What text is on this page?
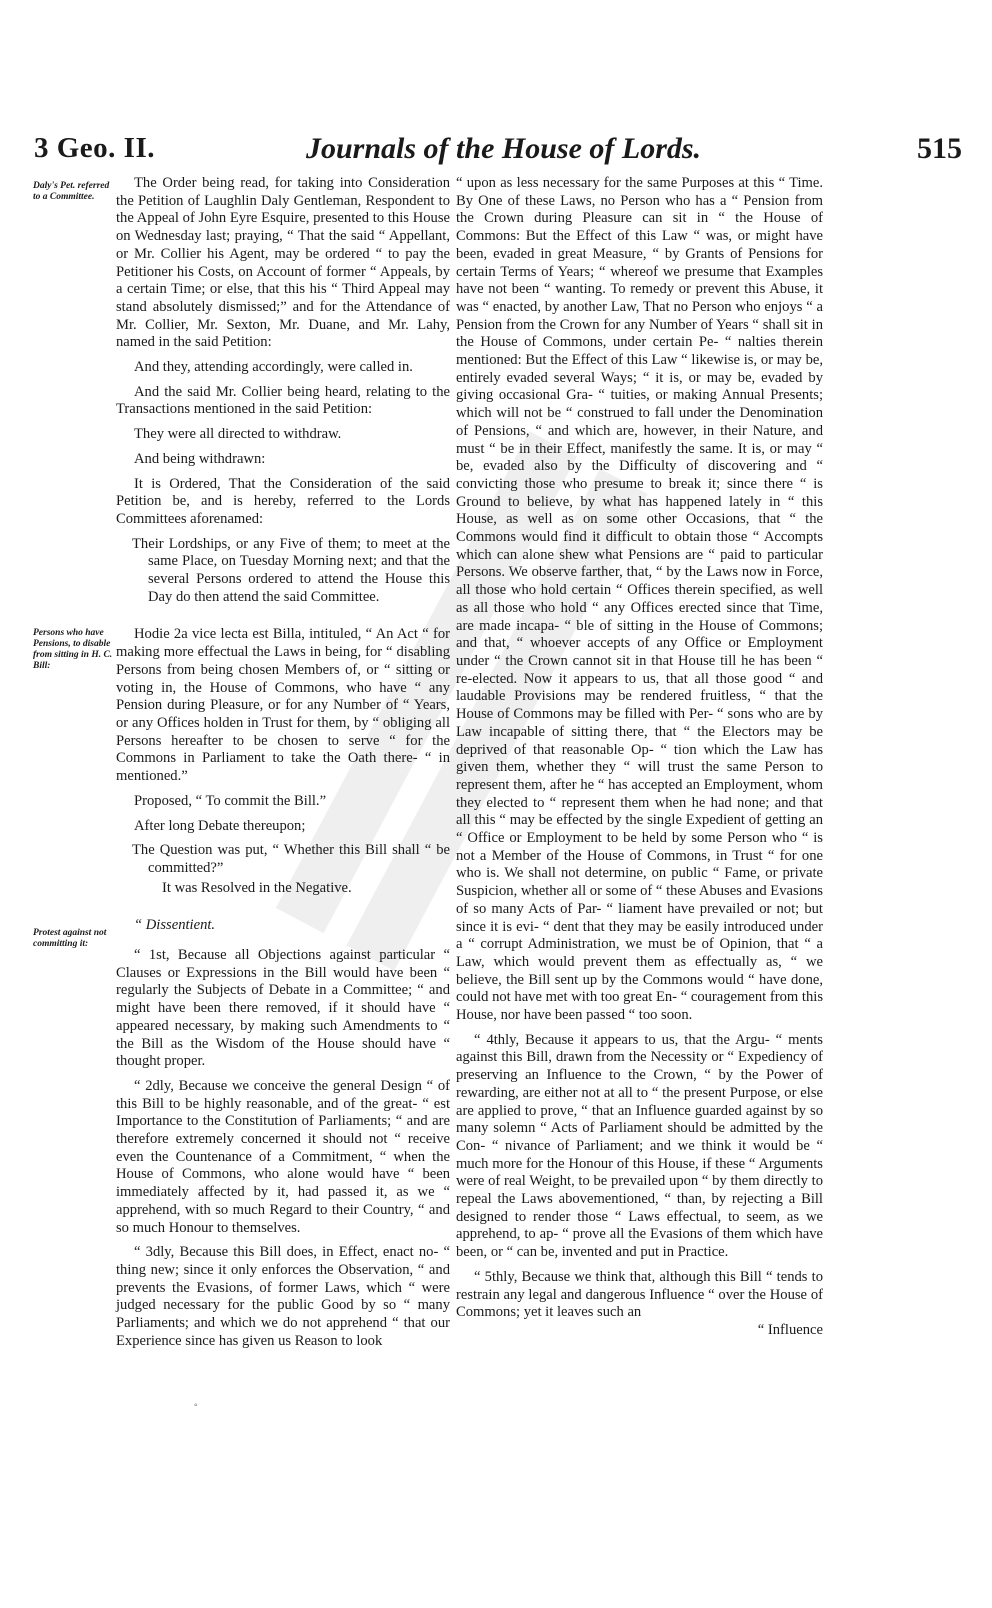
3 Geo. II.	Journals of the House of Lords.	515
Daly's Pet. referred to a Committee.
Persons who have Pensions, to disable from sitting in H. C. Bill:
Protest against not committing it:

The Order being read, for taking into Consideration the Petition of Laughlin Daly Gentleman, Respondent to the Appeal of John Eyre Esquire, presented to this House on Wednesday last; praying, “ That the said “ Appellant, or Mr. Collier his Agent, may be ordered “ to pay the Petitioner his Costs, on Account of former “ Appeals, by a certain Time; or else, that this his “ Third Appeal may stand absolutely dismissed;” and for the Attendance of Mr. Collier, Mr. Sexton, Mr. Duane, and Mr. Lahy, named in the said Petition:

And they, attending accordingly, were called in.

And the said Mr. Collier being heard, relating to the Transactions mentioned in the said Petition:

They were all directed to withdraw.

And being withdrawn:

It is Ordered, That the Consideration of the said Petition be, and is hereby, referred to the Lords Committees aforenamed:

Their Lordships, or any Five of them; to meet at the same Place, on Tuesday Morning next; and that the several Persons ordered to attend the House this Day do then attend the said Committee.

Hodie 2a vice lecta est Billa, intituled, “ An Act “ for making more effectual the Laws in being, for “ disabling Persons from being chosen Members of, or “ sitting or voting in, the House of Commons, who have “ any Pension during Pleasure, or for any Number of “ Years, or any Offices holden in Trust for them, by “ obliging all Persons hereafter to be chosen to serve “ for the Commons in Parliament to take the Oath there- “ in mentioned.”

Proposed, “ To commit the Bill.”

After long Debate thereupon;

The Question was put, “ Whether this Bill shall “ be committed?”

It was Resolved in the Negative.

“ Dissentient.

“ 1st, Because all Objections against particular “ Clauses or Expressions in the Bill would have been “ regularly the Subjects of Debate in a Committee; “ and might have been there removed, if it should have “ appeared necessary, by making such Amendments to “ the Bill as the Wisdom of the House should have “ thought proper.

“ 2dly, Because we conceive the general Design “ of this Bill to be highly reasonable, and of the great- “ est Importance to the Constitution of Parliaments; “ and are therefore extremely concerned it should not “ receive even the Countenance of a Commitment, “ when the House of Commons, who alone would have “ been immediately affected by it, had passed it, as we “ apprehend, with so much Regard to their Country, “ and so much Honour to themselves.

“ 3dly, Because this Bill does, in Effect, enact no- “ thing new; since it only enforces the Observation, “ and prevents the Evasions, of former Laws, which “ were judged necessary for the public Good by so “ many Parliaments; and which we do not apprehend “ that our Experience since has given us Reason to look

“ upon as less necessary for the same Purposes at this “ Time. By One of these Laws, no Person who has a “ Pension from the Crown during Pleasure can sit in “ the House of Commons: But the Effect of this Law “ was, or might have been, evaded in great Measure, “ by Grants of Pensions for certain Terms of Years; “ whereof we presume that Examples have not been “ wanting. To remedy or prevent this Abuse, it was “ enacted, by another Law, That no Person who enjoys “ a Pension from the Crown for any Number of Years “ shall sit in the House of Commons, under certain Pe- “ nalties therein mentioned: But the Effect of this Law “ likewise is, or may be, entirely evaded several Ways; “ it is, or may be, evaded by giving occasional Gra- “ tuities, or making Annual Presents; which will not be “ construed to fall under the Denomination of Pensions, “ and which are, however, in their Nature, and must “ be in their Effect, manifestly the same. It is, or may “ be, evaded also by the Difficulty of discovering and “ convicting those who presume to break it; since there “ is Ground to believe, by what has happened lately in “ this House, as well as on some other Occasions, that “ the Commons would find it difficult to obtain those “ Accompts which can alone shew what Pensions are “ paid to particular Persons. We observe farther, that, “ by the Laws now in Force, all those who hold certain “ Offices therein specified, as well as all those who hold “ any Offices erected since that Time, are made incapa- “ ble of sitting in the House of Commons; and that, “ whoever accepts of any Office or Employment under “ the Crown cannot sit in that House till he has been “ re-elected. Now it appears to us, that all those good “ and laudable Provisions may be rendered fruitless, “ that the House of Commons may be filled with Per- “ sons who are by Law incapable of sitting there, that “ the Electors may be deprived of that reasonable Op- “ tion which the Law has given them, whether they “ will trust the same Person to represent them, after he “ has accepted an Employment, whom they elected to “ represent them when he had none; and that all this “ may be effected by the single Expedient of getting an “ Office or Employment to be held by some Person who “ is not a Member of the House of Commons, in Trust “ for one who is. We shall not determine, on public “ Fame, or private Suspicion, whether all or some of “ these Abuses and Evasions of so many Acts of Par- “ liament have prevailed or not; but since it is evi- “ dent that they may be easily introduced under a “ corrupt Administration, we must be of Opinion, that “ a Law, which would prevent them as effectually as, “ we believe, the Bill sent up by the Commons would “ have done, could not have met with too great En- “ couragement from this House, nor have been passed “ too soon.

“ 4thly, Because it appears to us, that the Argu- “ ments against this Bill, drawn from the Necessity or “ Expediency of preserving an Influence to the Crown, “ by the Power of rewarding, are either not at all to “ the present Purpose, or else are applied to prove, “ that an Influence guarded against by so many solemn “ Acts of Parliament should be admitted by the Con- “ nivance of Parliament; and we think it would be “ much more for the Honour of this House, if these “ Arguments were of real Weight, to be prevailed upon “ by them directly to repeal the Laws abovementioned, “ than, by rejecting a Bill designed to render those “ Laws effectual, to seem, as we apprehend, to ap- “ prove all the Evasions of them which have been, or “ can be, invented and put in Practice.

“ 5thly, Because we think that, although this Bill “ tends to restrain any legal and dangerous Influence “ over the House of Commons; yet it leaves such an

“ Influence

◦
